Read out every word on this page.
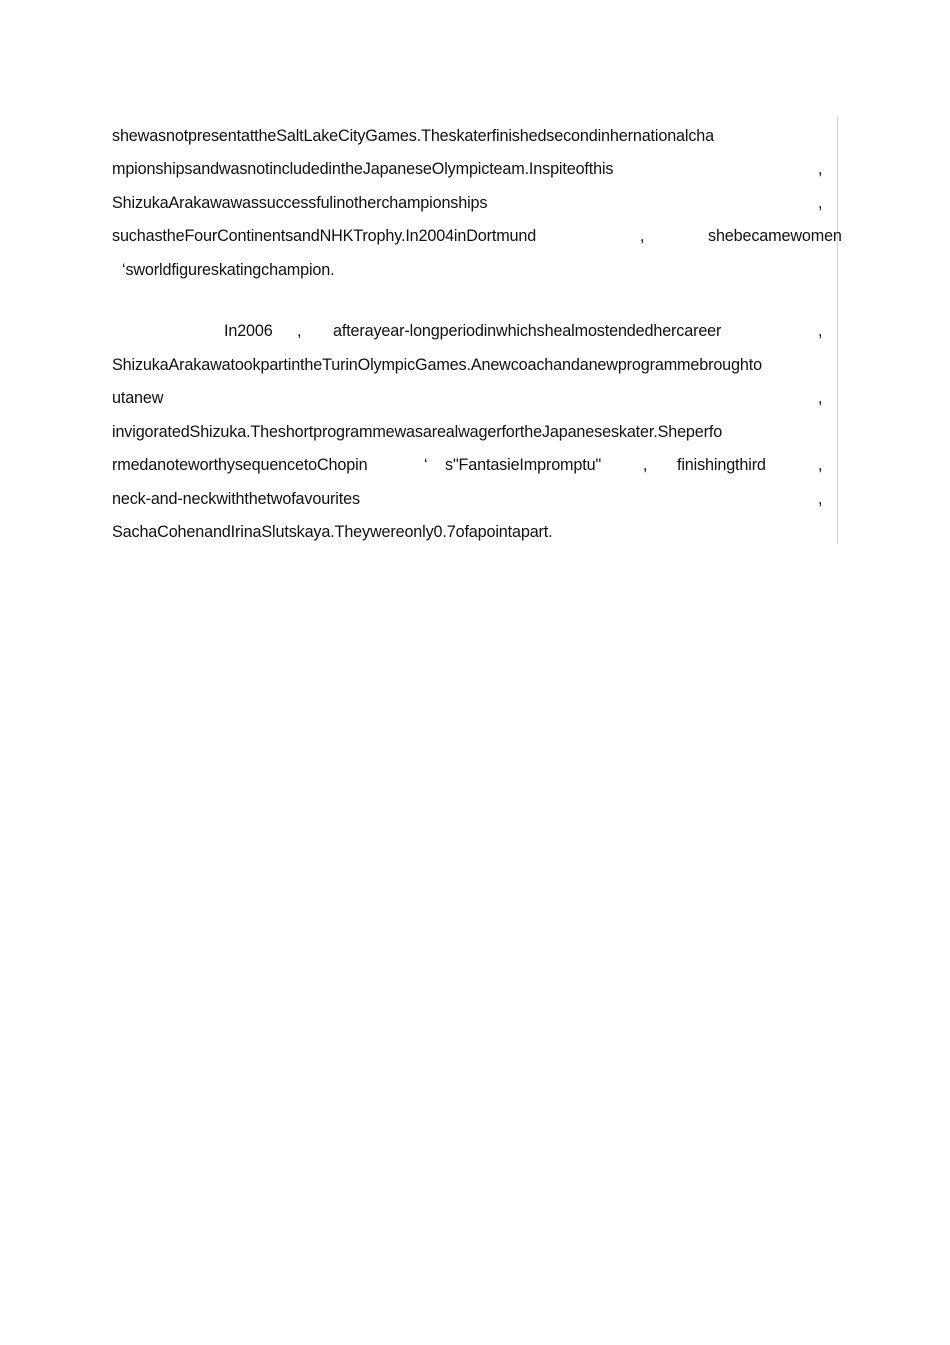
shewasnotpresentattheSaltLakeCityGames.Theskaterfinishedsecondinhernationalcha

mpionshipsandwasnotincludedintheJapaneseOlympicteam.Inspiteofthis

	,

ShizukaArakawawassuccessfulinotherchampionships

	,

suchastheFourContinentsandNHKTrophy.In2004inDortmund

	,

	shebecamewomen

‘sworldfigureskatingchampion.

In2006

,

afterayear-longperiodinwhichshealmostendedhercareer

	,

ShizukaArakawatookpartintheTurinOlympicGames.Anewcoachandanewprogrammebroughto

utanew

	,

invigoratedShizuka.TheshortprogrammewasarealwagerfortheJapaneseskater.Sheperfo

rmedanoteworthysequencetoChopin

	‘

s"FantasieImpromptu"

	,

finishingthird

	,

neck-and-neckwiththetwofavourites

	,

SachaCohenandIrinaSlutskaya.Theywereonly0.7ofapointapart.
